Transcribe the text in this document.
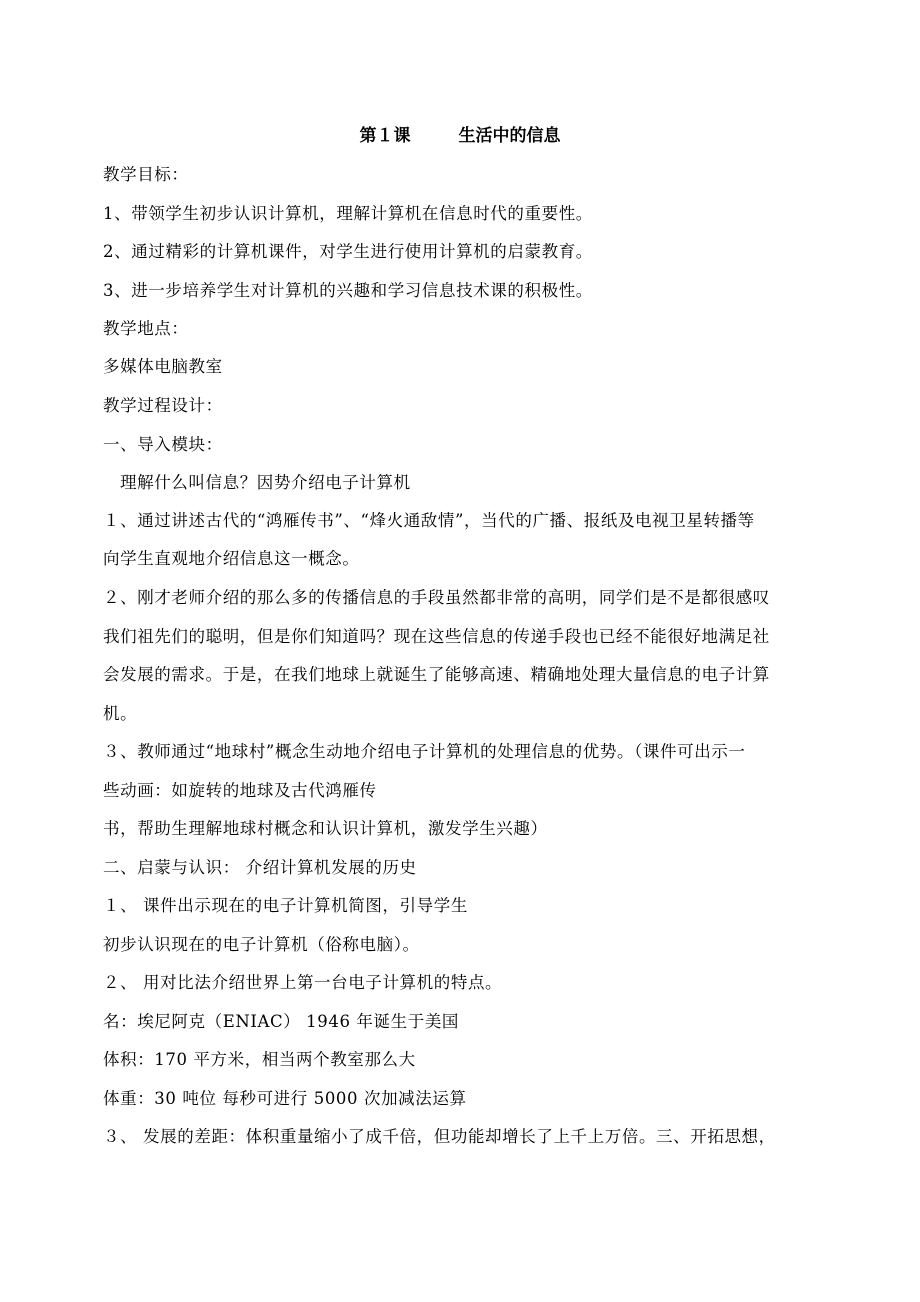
第１课	生活中的信息
教学目标：
1、带领学生初步认识计算机，理解计算机在信息时代的重要性。
2、通过精彩的计算机课件，对学生进行使用计算机的启蒙教育。
3、进一步培养学生对计算机的兴趣和学习信息技术课的积极性。
教学地点：
多媒体电脑教室
教学过程设计：
一、导入模块：
理解什么叫信息？因势介绍电子计算机
１、通过讲述古代的“鸿雁传书”、“烽火通敌情”，当代的广播、报纸及电视卫星转播等
向学生直观地介绍信息这一概念。
２、刚才老师介绍的那么多的传播信息的手段虽然都非常的高明，同学们是不是都很感叹
我们祖先们的聪明，但是你们知道吗？现在这些信息的传递手段也已经不能很好地满足社
会发展的需求。于是，在我们地球上就诞生了能够高速、精确地处理大量信息的电子计算
机。
３、教师通过“地球村”概念生动地介绍电子计算机的处理信息的优势。（课件可出示一
些动画：如旋转的地球及古代鸿雁传
书，帮助生理解地球村概念和认识计算机，激发学生兴趣）
二、启蒙与认识： 介绍计算机发展的历史
１、 课件出示现在的电子计算机简图，引导学生
初步认识现在的电子计算机（俗称电脑）。
２、 用对比法介绍世界上第一台电子计算机的特点。
名：埃尼阿克（ENIAC） 1946 年诞生于美国
体积：170 平方米，相当两个教室那么大
体重：30 吨位 每秒可进行 5000 次加减法运算
３、 发展的差距：体积重量缩小了成千倍，但功能却增长了上千上万倍。三、开拓思想，
